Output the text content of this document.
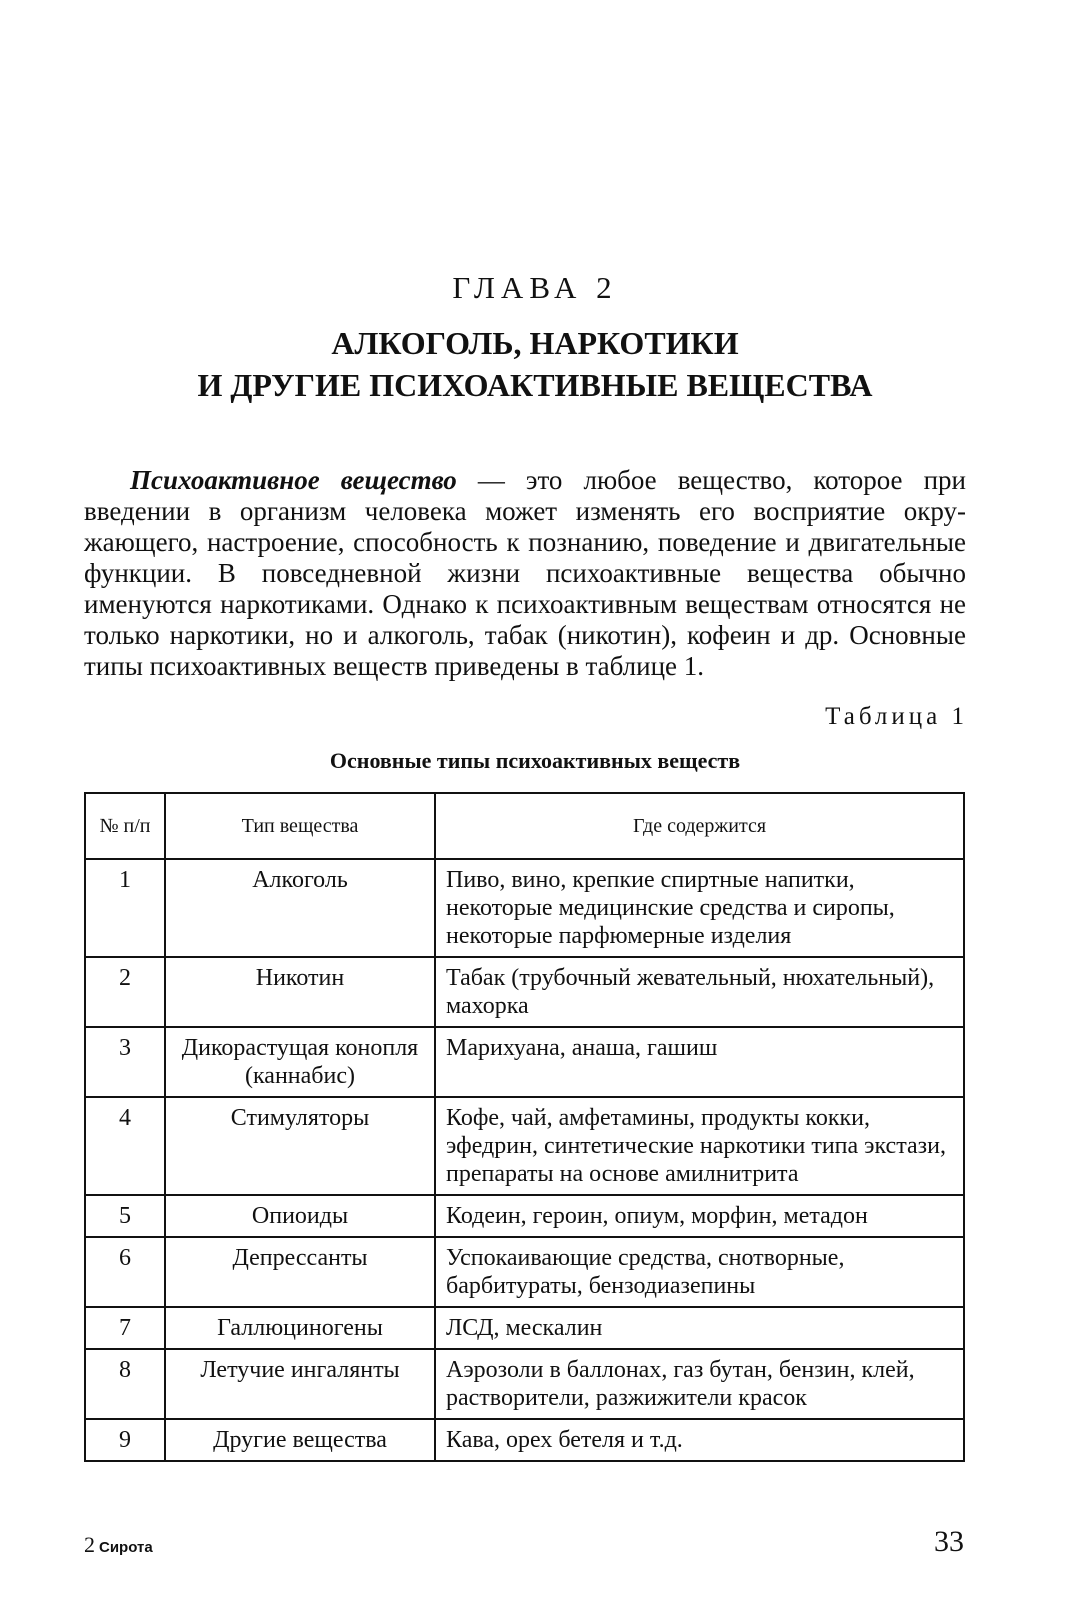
ГЛАВА 2
АЛКОГОЛЬ, НАРКОТИКИ
И ДРУГИЕ ПСИХОАКТИВНЫЕ ВЕЩЕСТВА

Психоактивное вещество — это любое вещество, которое при введении в организм человека может изменять его восприятие окружающего, настроение, способность к познанию, поведение и двигательные функции. В повседневной жизни психоактивные вещества обычно именуются наркотиками. Однако к психоактивным веществам относятся не только наркотики, но и алкоголь, табак (никотин), кофеин и др. Основные типы психоактивных веществ приведены в таблице 1.

Таблица 1
Основные типы психоактивных веществ
№ п/п	Тип вещества	Где содержится
1	Алкоголь	Пиво, вино, крепкие спиртные напитки, некоторые медицинские средства и сиропы, некоторые парфюмерные изделия
2	Никотин	Табак (трубочный жевательный, нюхательный), махорка
3	Дикорастущая конопля (каннабис)	Марихуана, анаша, гашиш
4	Стимуляторы	Кофе, чай, амфетамины, продукты кокки, эфедрин, синтетические наркотики типа экстази, препараты на основе амилнитрита
5	Опиоиды	Кодеин, героин, опиум, морфин, метадон
6	Депрессанты	Успокаивающие средства, снотворные, барбитураты, бензодиазепины
7	Галлюциногены	ЛСД, мескалин
8	Летучие ингалянты	Аэрозоли в баллонах, газ бутан, бензин, клей, растворители, разжижители красок
9	Другие вещества	Кава, орех бетеля и т.д.
2 Сирота	33
